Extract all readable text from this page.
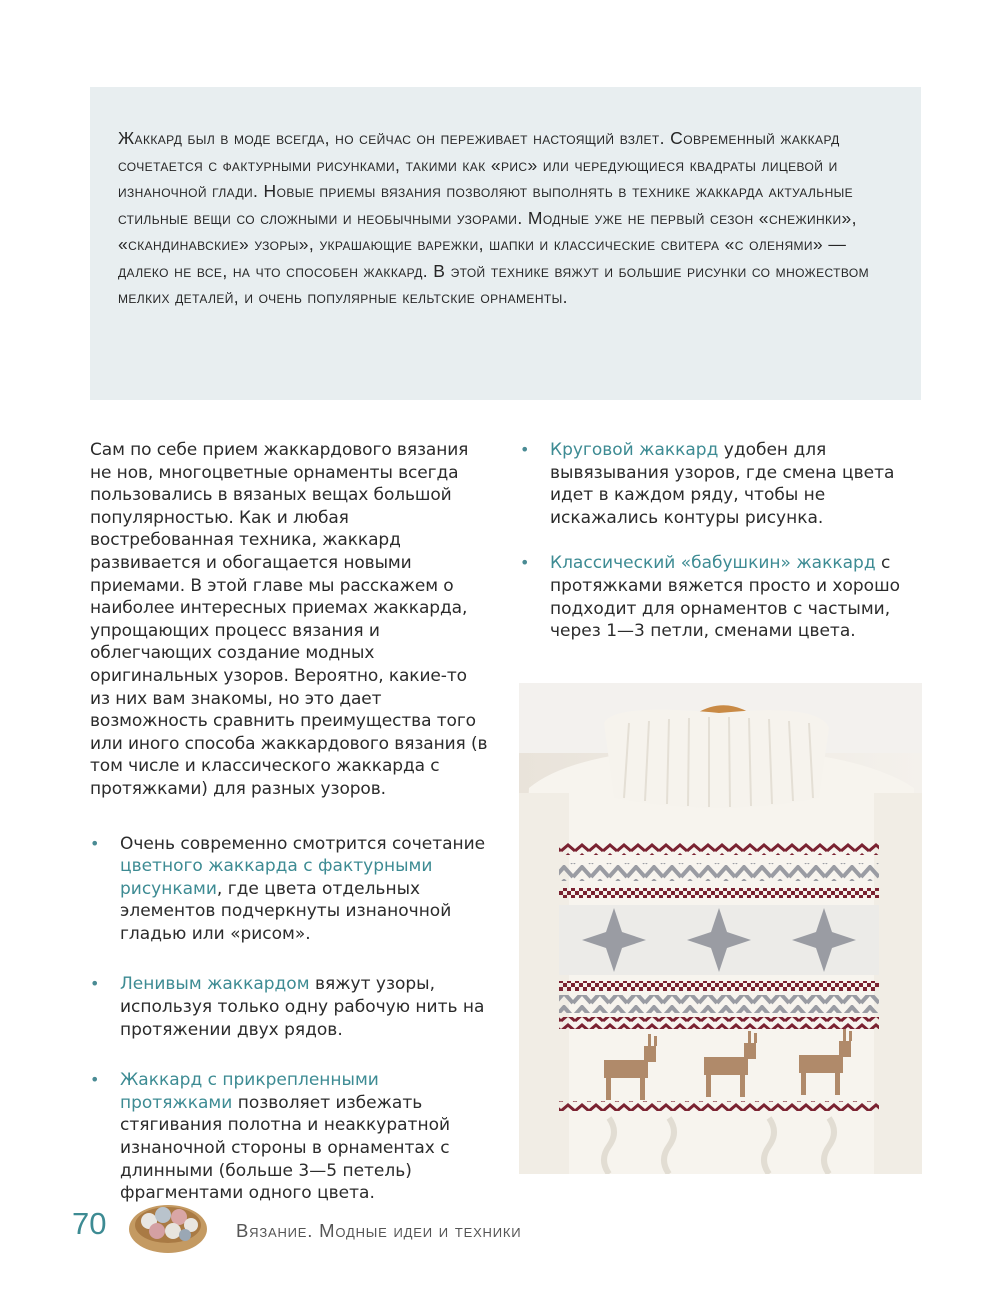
Жаккард был в моде всегда, но сейчас он переживает настоящий взлет. Современный жаккард сочетается с фактурными рисунками, такими как «рис» или чередующиеся квадраты лицевой и изнаночной глади. Новые приемы вязания позволяют выполнять в технике жаккарда актуальные стильные вещи со сложными и необычными узорами. Модные уже не первый сезон «снежинки», «скандинавские» узоры», украшающие варежки, шапки и классические свитера «с оленями» — далеко не все, на что способен жаккард. В этой технике вяжут и большие рисунки со множеством мелких деталей, и очень популярные кельтские орнаменты.

Сам по себе прием жаккардового вязания не нов, многоцветные орнаменты всегда пользовались в вязаных вещах большой популярностью. Как и любая востребованная техника, жаккард развивается и обогащается новыми приемами. В этой главе мы расскажем о наиболее интересных приемах жаккарда, упрощающих процесс вязания и облегчающих создание модных оригинальных узоров. Вероятно, какие-то из них вам знакомы, но это дает возможность сравнить преимущества того или иного способа жаккардового вязания (в том числе и классического жаккарда с протяжками) для разных узоров.

• Очень современно смотрится сочетание цветного жаккарда с фактурными рисунками, где цвета отдельных элементов подчеркнуты изнаночной гладью или «рисом».
• Ленивым жаккардом вяжут узоры, используя только одну рабочую нить на протяжении двух рядов.
• Жаккард с прикрепленными протяжками позволяет избежать стягивания полотна и неаккуратной изнаночной стороны в орнаментах с длинными (больше 3—5 петель) фрагментами одного цвета.
• Круговой жаккард удобен для вывязывания узоров, где смена цвета идет в каждом ряду, чтобы не искажались контуры рисунка.
• Классический «бабушкин» жаккард с протяжками вяжется просто и хорошо подходит для орнаментов с частыми, через 1—3 петли, сменами цвета.
70	Вязание. Модные идеи и техники
